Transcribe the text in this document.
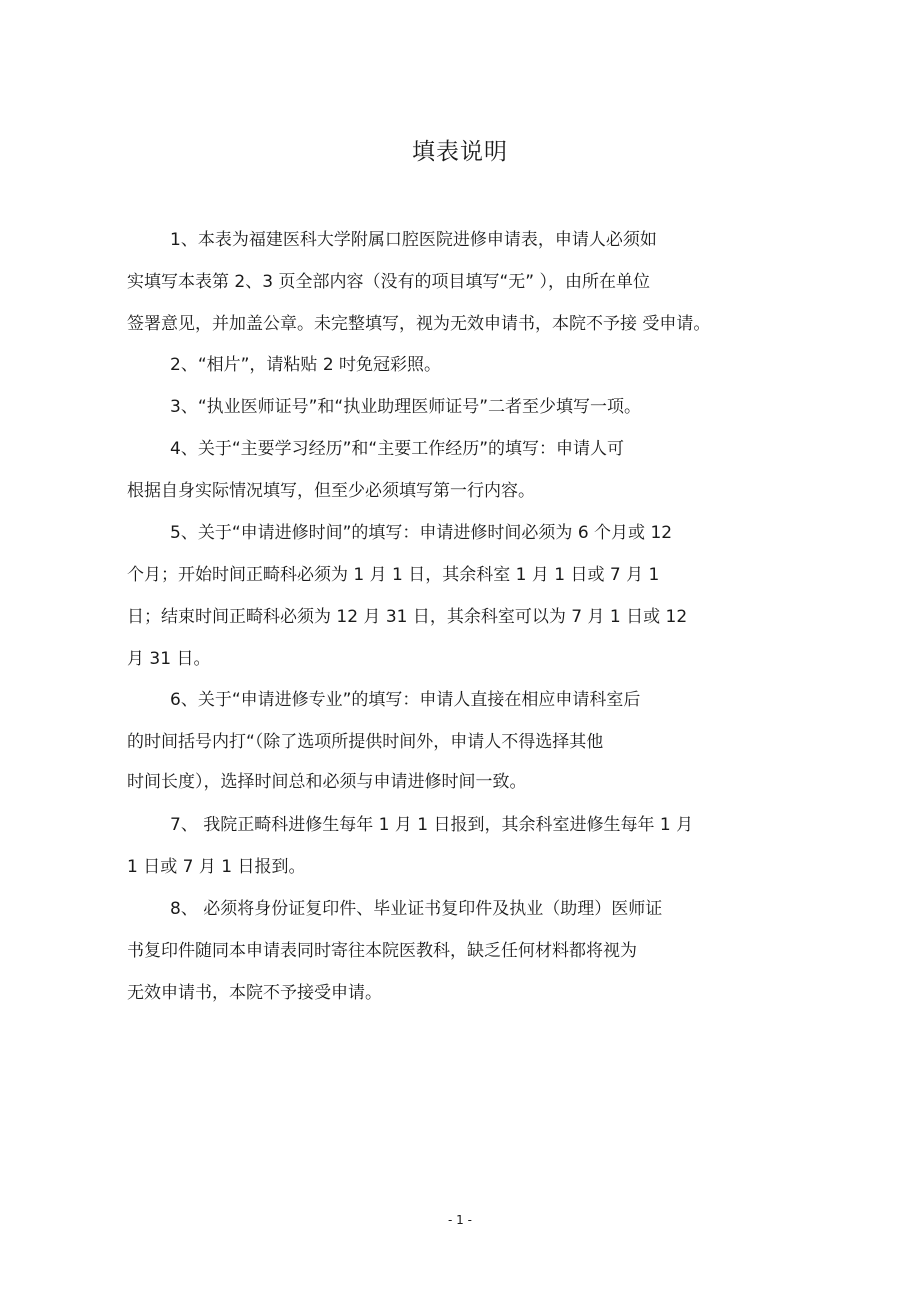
填表说明
1、本表为福建医科大学附属口腔医院进修申请表，申请人必须如
实填写本表第 2、3 页全部内容（没有的项目填写“无” ），由所在单位
签署意见，并加盖公章。未完整填写，视为无效申请书，本院不予接 受申请。
2、“相片”，请粘贴 2 吋免冠彩照。
3、“执业医师证号”和“执业助理医师证号”二者至少填写一项。
4、关于“主要学习经历”和“主要工作经历”的填写：申请人可
根据自身实际情况填写，但至少必须填写第一行内容。
5、关于“申请进修时间”的填写：申请进修时间必须为 6 个月或 12
个月；开始时间正畸科必须为 1 月 1 日，其余科室 1 月 1 日或 7 月 1
日；结束时间正畸科必须为 12 月 31 日，其余科室可以为 7 月 1 日或 12
月 31 日。
6、关于“申请进修专业”的填写：申请人直接在相应申请科室后
的时间括号内打“（除了选项所提供时间外，申请人不得选择其他
时间长度），选择时间总和必须与申请进修时间一致。
7、 我院正畸科进修生每年 1 月 1 日报到，其余科室进修生每年 1 月
1 日或 7 月 1 日报到。
8、 必须将身份证复印件、毕业证书复印件及执业（助理）医师证
书复印件随同本申请表同时寄往本院医教科，缺乏任何材料都将视为
无效申请书，本院不予接受申请。
- 1 -
